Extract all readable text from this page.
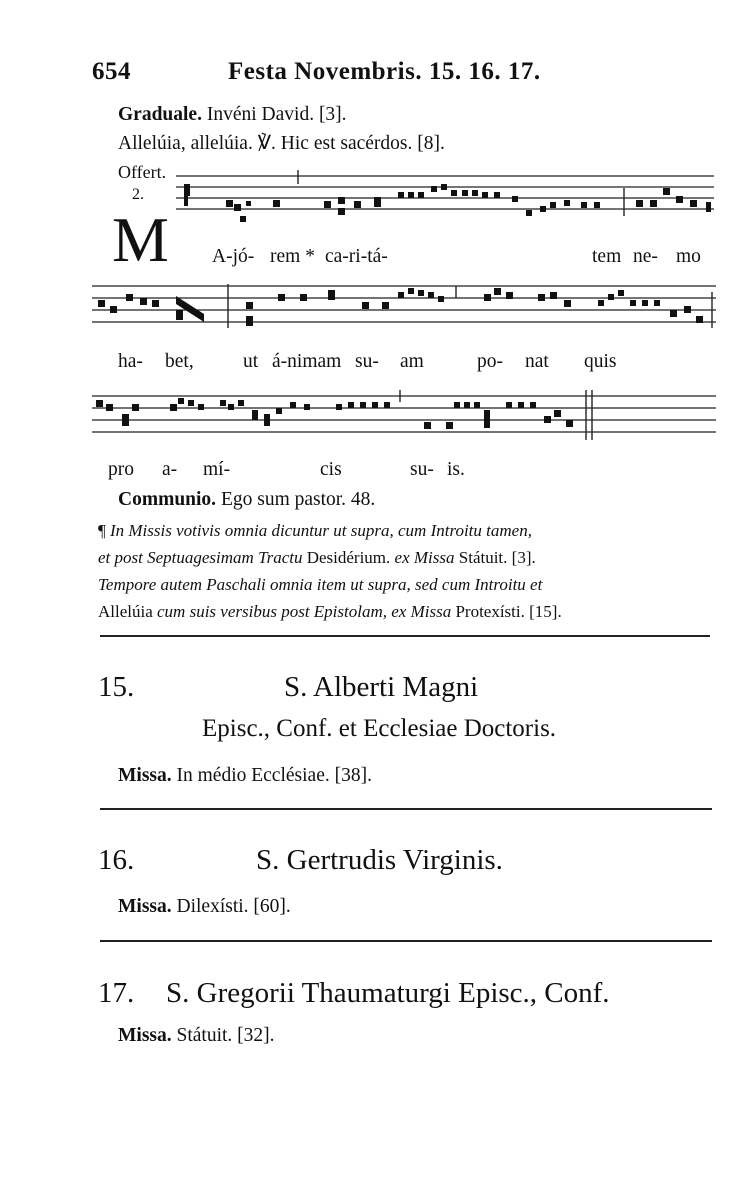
654	Festa Novembris. 15. 16. 17.
Graduale. Invéni David. [3].
Allelúia, allelúia. ℣. Hic est sacérdos. [8].
Offert.
2.
M A-jó- rem * ca-ri-tá-	tem ne- mo
ha- bet,	ut á-nimam su- am	po- nat quis
pro a- mí-	cis	su- is.
Communio. Ego sum pastor. 48.
¶ In Missis votivis omnia dicuntur ut supra, cum Introitu tamen,
et post Septuagesimam Tractu Desidérium. ex Missa Státuit. [3].
Tempore autem Paschali omnia item ut supra, sed cum Introitu et
Allelúia cum suis versibus post Epistolam, ex Missa Protexísti. [15].
15.	S. Alberti Magni
Episc., Conf. et Ecclesiae Doctoris.
Missa. In médio Ecclésiae. [38].
16.	S. Gertrudis Virginis.
Missa. Dilexísti. [60].
17. S. Gregorii Thaumaturgi Episc., Conf.
Missa. Státuit. [32].
